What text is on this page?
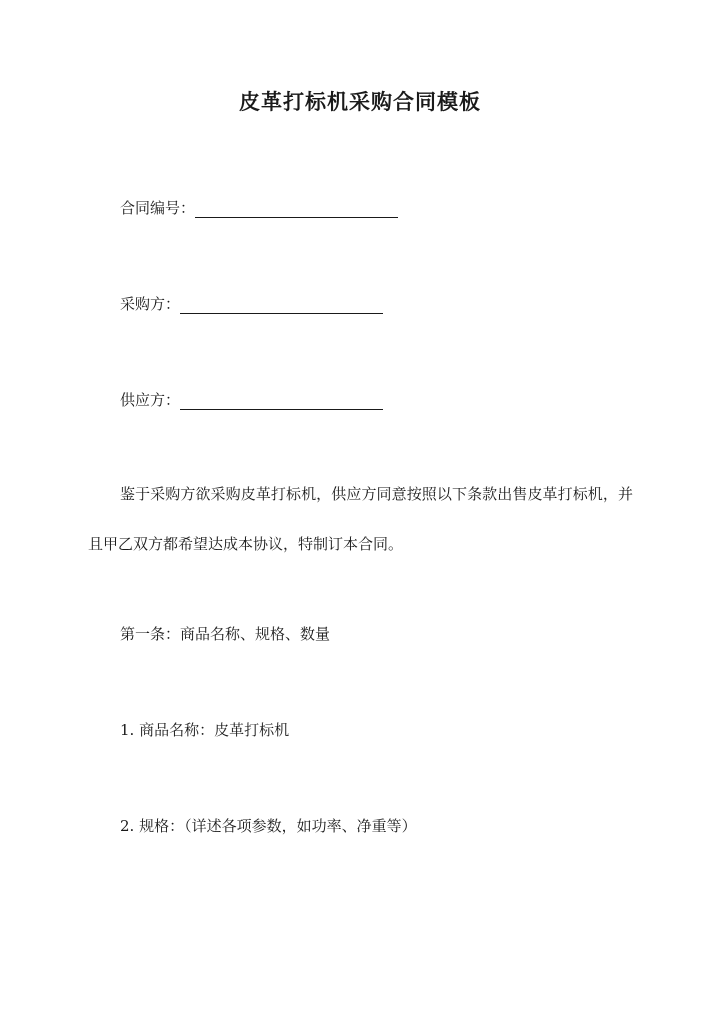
皮革打标机采购合同模板

合同编号：

采购方：

供应方：

鉴于采购方欲采购皮革打标机，供应方同意按照以下条款出售皮革打标机，并且甲乙双方都希望达成本协议，特制订本合同。

第一条：商品名称、规格、数量

1. 商品名称：皮革打标机

2. 规格：（详述各项参数，如功率、净重等）
